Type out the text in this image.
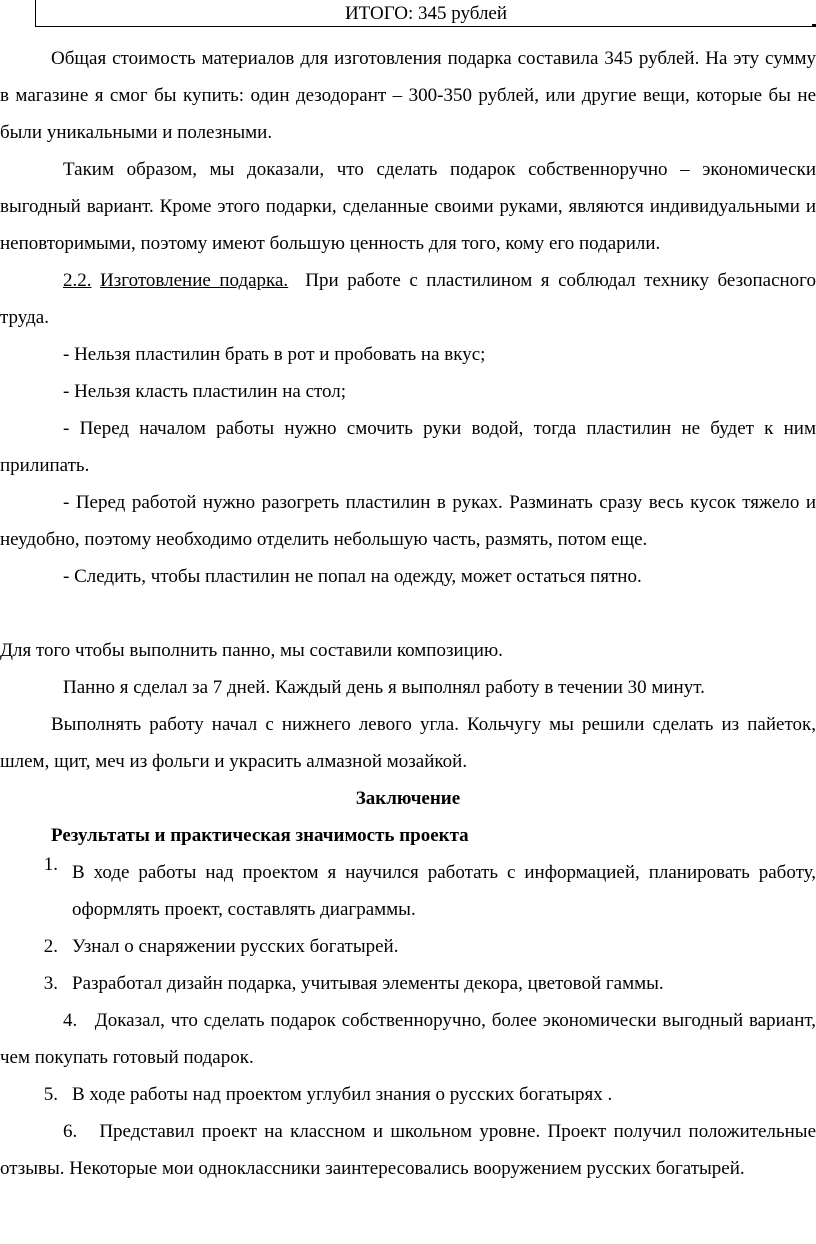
ИТОГО: 345 рублей

Общая стоимость материалов для изготовления подарка составила 345 рублей. На эту сумму в магазине я смог бы купить: один дезодорант – 300-350 рублей, или другие вещи, которые бы не были уникальными и полезными.

Таким образом, мы доказали, что сделать подарок собственноручно – экономически выгодный вариант. Кроме этого подарки, сделанные своими руками, являются индивидуальными и неповторимыми, поэтому имеют большую ценность для того, кому его подарили.

2.2. Изготовление подарка. При работе с пластилином я соблюдал технику безопасного труда.

- Нельзя пластилин брать в рот и пробовать на вкус;

- Нельзя класть пластилин на стол;

- Перед началом работы нужно смочить руки водой, тогда пластилин не будет к ним прилипать.

- Перед работой нужно разогреть пластилин в руках. Разминать сразу весь кусок тяжело и неудобно, поэтому необходимо отделить небольшую часть, размять, потом еще.

- Следить, чтобы пластилин не попал на одежду, может остаться пятно.

Для того чтобы выполнить панно, мы составили композицию.

Панно я сделал за 7 дней. Каждый день я выполнял работу в течении 30 минут.

Выполнять работу начал с нижнего левого угла. Кольчугу мы решили сделать из пайеток, шлем, щит, меч из фольги и украсить алмазной мозайкой.

Заключение

Результаты и практическая значимость проекта

1. В ходе работы над проектом я научился работать с информацией, планировать работу, оформлять проект, составлять диаграммы.
2. Узнал о снаряжении русских богатырей.
3. Разработал дизайн подарка, учитывая элементы декора, цветовой гаммы.

4.   Доказал, что сделать подарок собственноручно, более экономически выгодный вариант, чем покупать готовый подарок.

5. В ходе работы над проектом углубил знания о русских богатырях .

6. Представил проект на классном и школьном уровне. Проект получил положительные отзывы. Некоторые мои одноклассники заинтересовались вооружением русских богатырей.
